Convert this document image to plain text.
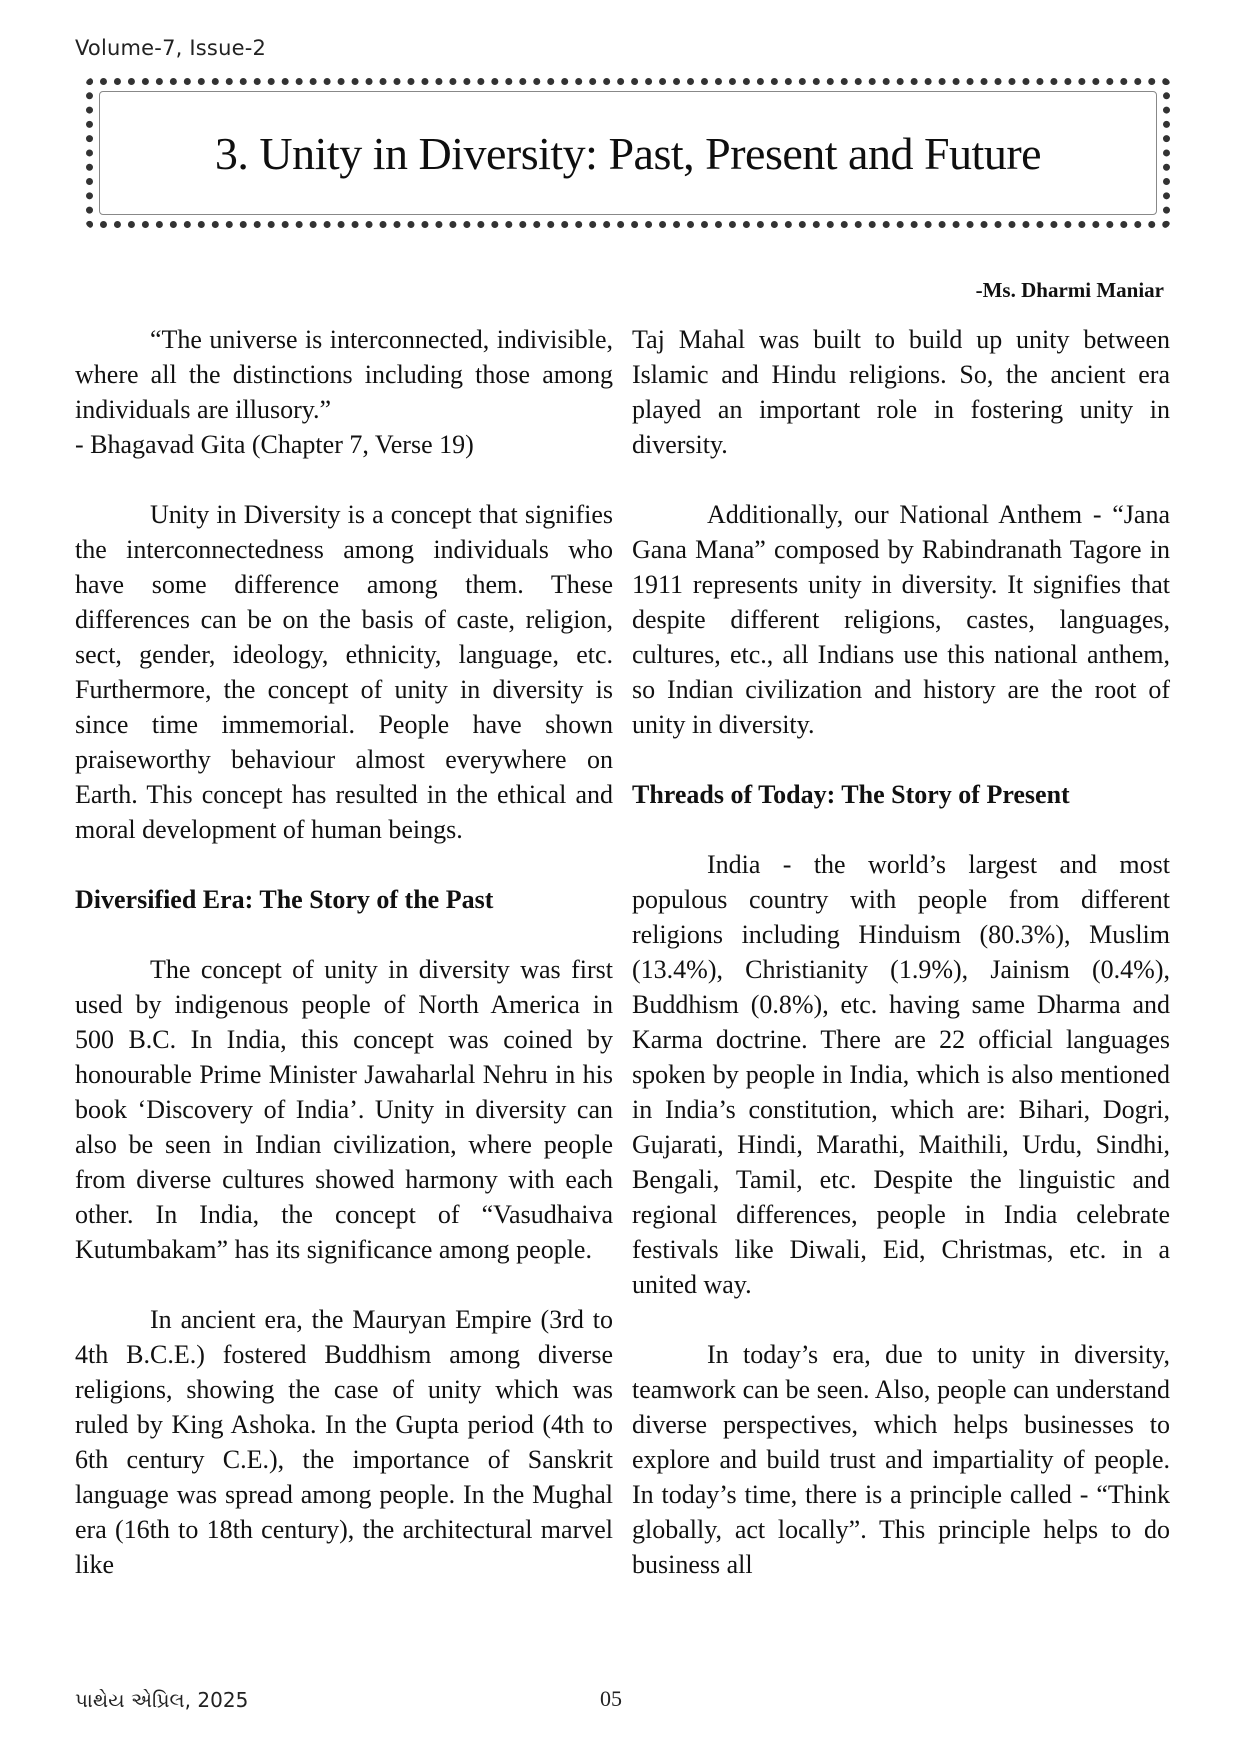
Volume-7, Issue-2
3. Unity in Diversity: Past, Present and Future
-Ms. Dharmi Maniar

“The universe is interconnected, indivisible, where all the distinctions including those among individuals are illusory.”

- Bhagavad Gita (Chapter 7, Verse 19)

Unity in Diversity is a concept that signifies the interconnectedness among individuals who have some difference among them. These differences can be on the basis of caste, religion, sect, gender, ideology, ethnicity, language, etc. Furthermore, the concept of unity in diversity is since time immemorial. People have shown praiseworthy behaviour almost everywhere on Earth. This concept has resulted in the ethical and moral development of human beings.

Diversified Era: The Story of the Past

The concept of unity in diversity was first used by indigenous people of North America in 500 B.C. In India, this concept was coined by honourable Prime Minister Jawaharlal Nehru in his book ‘Discovery of India’. Unity in diversity can also be seen in Indian civilization, where people from diverse cultures showed harmony with each other. In India, the concept of “Vasudhaiva Kutumbakam” has its significance among people.

In ancient era, the Mauryan Empire (3rd to 4th B.C.E.) fostered Buddhism among diverse religions, showing the case of unity which was ruled by King Ashoka. In the Gupta period (4th to 6th century C.E.), the importance of Sanskrit language was spread among people. In the Mughal era (16th to 18th century), the architectural marvel like

Taj Mahal was built to build up unity between Islamic and Hindu religions. So, the ancient era played an important role in fostering unity in diversity.

Additionally, our National Anthem - “Jana Gana Mana” composed by Rabindranath Tagore in 1911 represents unity in diversity. It signifies that despite different religions, castes, languages, cultures, etc., all Indians use this national anthem, so Indian civilization and history are the root of unity in diversity.

Threads of Today: The Story of Present

India - the world’s largest and most populous country with people from different religions including Hinduism (80.3%), Muslim (13.4%), Christianity (1.9%), Jainism (0.4%), Buddhism (0.8%), etc. having same Dharma and Karma doctrine. There are 22 official languages spoken by people in India, which is also mentioned in India’s constitution, which are: Bihari, Dogri, Gujarati, Hindi, Marathi, Maithili, Urdu, Sindhi, Bengali, Tamil, etc. Despite the linguistic and regional differences, people in India celebrate festivals like Diwali, Eid, Christmas, etc. in a united way.

In today’s era, due to unity in diversity, teamwork can be seen. Also, people can understand diverse perspectives, which helps businesses to explore and build trust and impartiality of people. In today’s time, there is a principle called - “Think globally, act locally”. This principle helps to do business all

પાથેય એપ્રિલ, 2025	05
